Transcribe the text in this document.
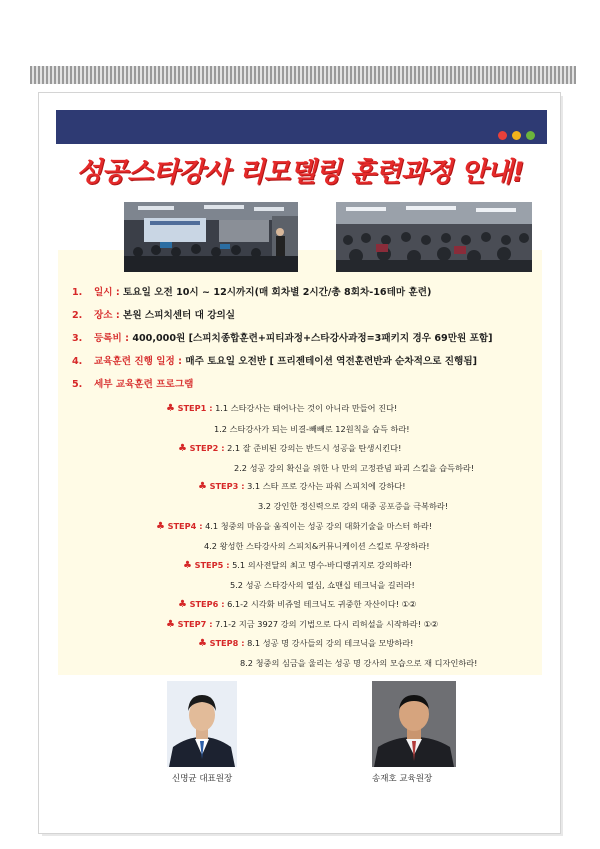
성공스타강사 리모델링 훈련과정 안내!
1. 일시 : 토요일 오전 10시 ~ 12시까지(매 회차별 2시간/총 8회차-16테마 훈련)
2. 장소 : 본원 스피치센터 대 강의실
3. 등록비 : 400,000원 [스피치종합훈련+피티과정+스타강사과정=3패키지 경우 69만원 포함]
4. 교육훈련 진행 일정 : 매주 토요일 오전반 [ 프리젠테이션 역전훈련반과 순차적으로 진행됨]
5. 세부 교육훈련 프로그램
♣ STEP1 : 1.1 스타강사는 태어나는 것이 아니라 만들어 진다!
1.2 스타강사가 되는 비결-빼빼로 12원칙을 습득 하라!
♣ STEP2 : 2.1 잘 준비된 강의는 반드시 성공을 탄생시킨다!
2.2 성공 강의 확신을 위한 나 만의 고정관념 파괴 스킬을 습득하라!
♣ STEP3 : 3.1 스타 프로 강사는 파워 스피치에 강하다!
3.2 강인한 정신력으로 강의 대중 공포증을 극복하라!
♣ STEP4 : 4.1 청중의 마음을 움직이는 성공 강의 대화기술을 마스터 하라!
4.2 왕성한 스타강사의 스피치&커뮤니케이션 스킬로 무장하라!
♣ STEP5 : 5.1 의사전달의 최고 명수-바디랭귀지로 강의하라!
5.2 성공 스타강사의 열심, 쇼맨십 테크닉을 길러라!
♣ STEP6 : 6.1-2 시각화 비쥬얼 테크닉도 귀중한 자산이다! ①②
♣ STEP7 : 7.1-2 지금 3927 강의 기법으로 다시 리허설을 시작하라! ①②
♣ STEP8 : 8.1 성공 명 강사들의 강의 테크닉을 모방하라!
8.2 청중의 심금을 울리는 성공 명 강사의 모습으로 재 디자인하라!
신명균 대표원장	송재호 교육원장
